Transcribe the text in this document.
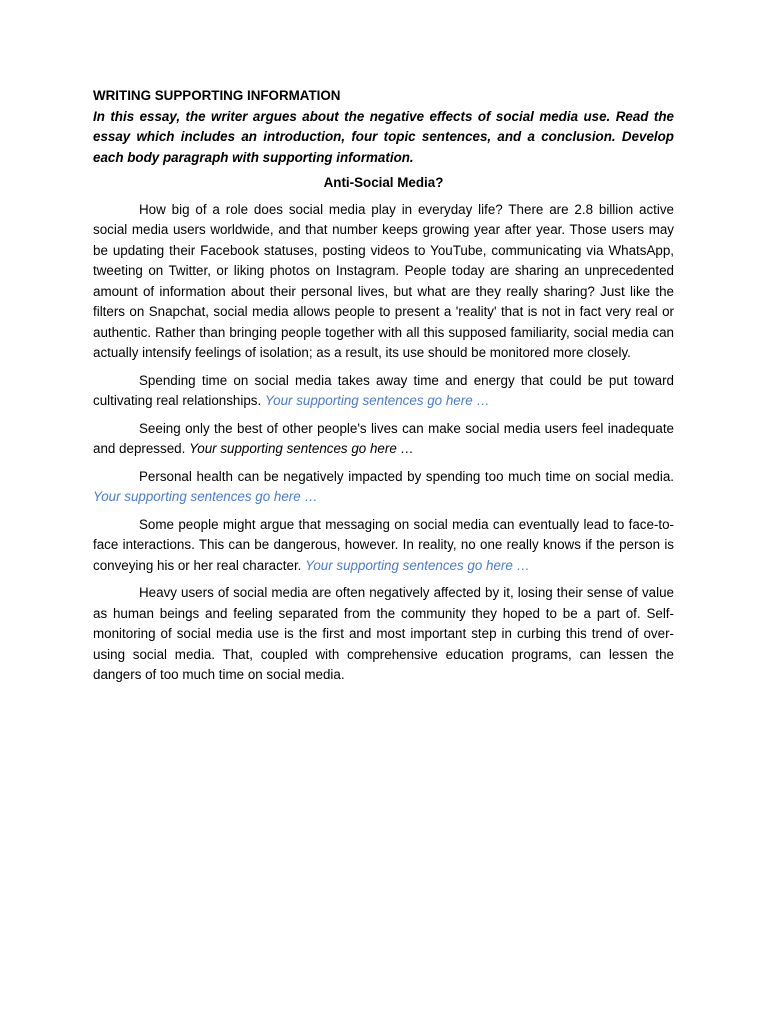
WRITING SUPPORTING INFORMATION

In this essay, the writer argues about the negative effects of social media use. Read the essay which includes an introduction, four topic sentences, and a conclusion. Develop each body paragraph with supporting information.

Anti-Social Media?

How big of a role does social media play in everyday life? There are 2.8 billion active social media users worldwide, and that number keeps growing year after year. Those users may be updating their Facebook statuses, posting videos to YouTube, communicating via WhatsApp, tweeting on Twitter, or liking photos on Instagram. People today are sharing an unprecedented amount of information about their personal lives, but what are they really sharing? Just like the filters on Snapchat, social media allows people to present a 'reality' that is not in fact very real or authentic. Rather than bringing people together with all this supposed familiarity, social media can actually intensify feelings of isolation; as a result, its use should be monitored more closely.

Spending time on social media takes away time and energy that could be put toward cultivating real relationships. Your supporting sentences go here …

Seeing only the best of other people's lives can make social media users feel inadequate and depressed. Your supporting sentences go here …

Personal health can be negatively impacted by spending too much time on social media. Your supporting sentences go here …

Some people might argue that messaging on social media can eventually lead to face-to-face interactions. This can be dangerous, however. In reality, no one really knows if the person is conveying his or her real character. Your supporting sentences go here …

Heavy users of social media are often negatively affected by it, losing their sense of value as human beings and feeling separated from the community they hoped to be a part of. Self-monitoring of social media use is the first and most important step in curbing this trend of over-using social media. That, coupled with comprehensive education programs, can lessen the dangers of too much time on social media.
